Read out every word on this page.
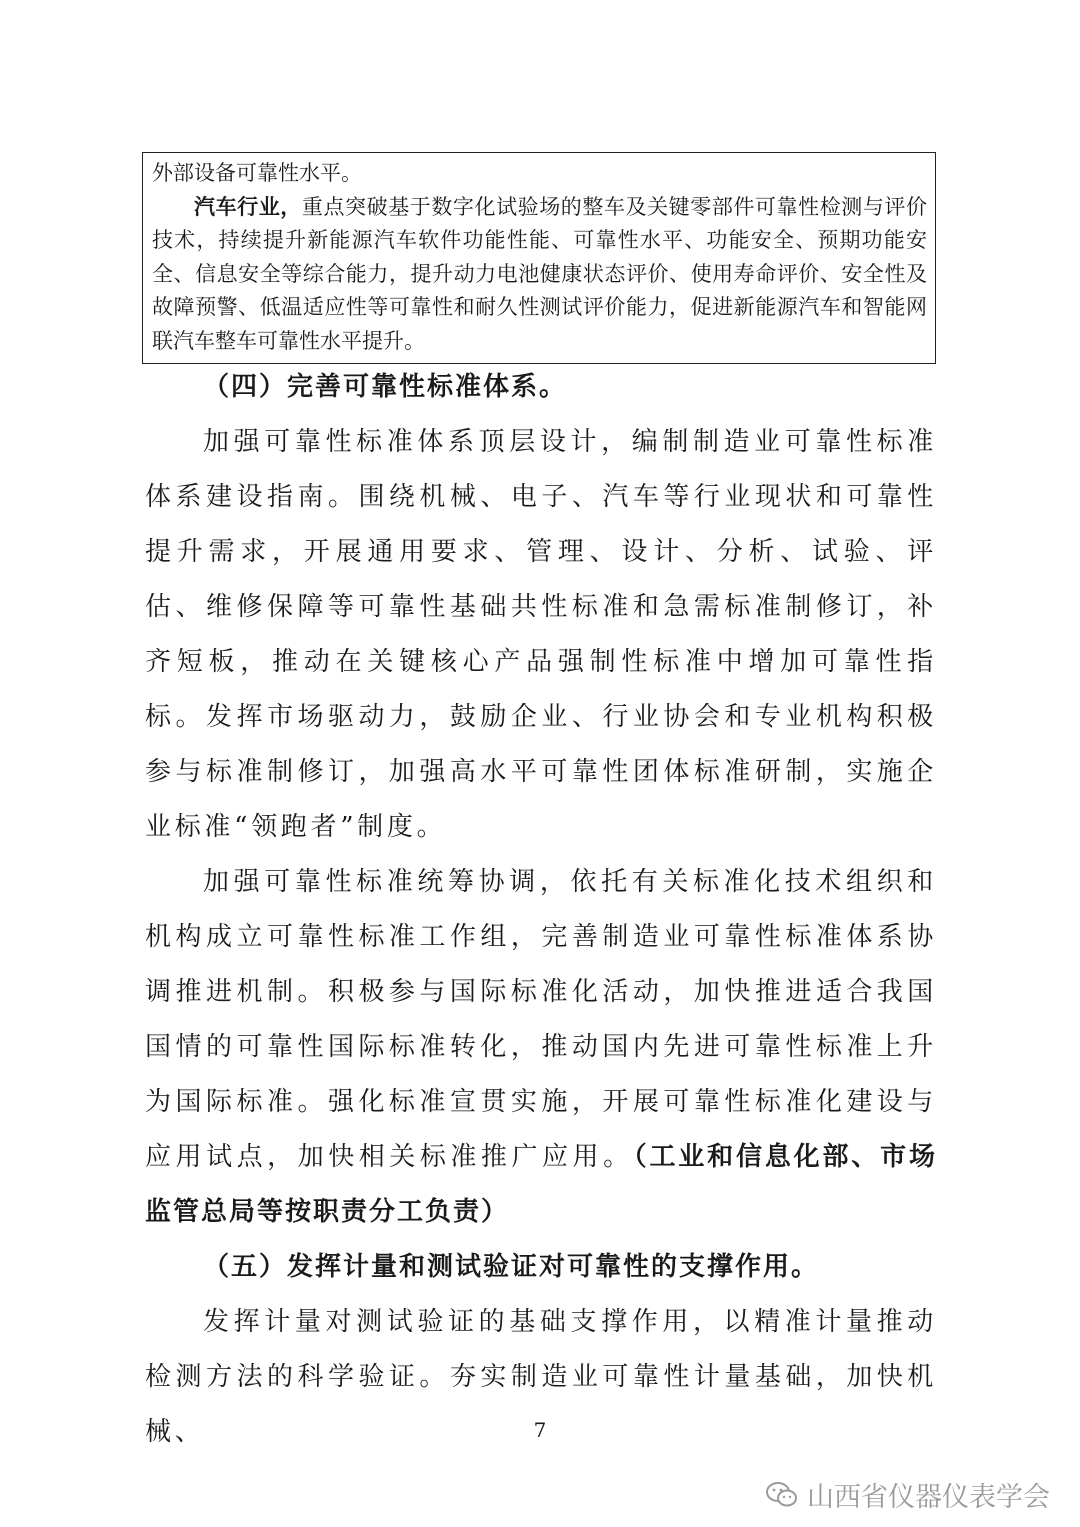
外部设备可靠性水平。

汽车行业，重点突破基于数字化试验场的整车及关键零部件可靠性检测与评价技术，持续提升新能源汽车软件功能性能、可靠性水平、功能安全、预期功能安全、信息安全等综合能力，提升动力电池健康状态评价、使用寿命评价、安全性及故障预警、低温适应性等可靠性和耐久性测试评价能力，促进新能源汽车和智能网联汽车整车可靠性水平提升。

（四）完善可靠性标准体系。

加强可靠性标准体系顶层设计，编制制造业可靠性标准体系建设指南。围绕机械、电子、汽车等行业现状和可靠性提升需求，开展通用要求、管理、设计、分析、试验、评估、维修保障等可靠性基础共性标准和急需标准制修订，补齐短板，推动在关键核心产品强制性标准中增加可靠性指标。发挥市场驱动力，鼓励企业、行业协会和专业机构积极参与标准制修订，加强高水平可靠性团体标准研制，实施企业标准“领跑者”制度。

加强可靠性标准统筹协调，依托有关标准化技术组织和机构成立可靠性标准工作组，完善制造业可靠性标准体系协调推进机制。积极参与国际标准化活动，加快推进适合我国国情的可靠性国际标准转化，推动国内先进可靠性标准上升为国际标准。强化标准宣贯实施，开展可靠性标准化建设与应用试点，加快相关标准推广应用。（工业和信息化部、市场监管总局等按职责分工负责）

（五）发挥计量和测试验证对可靠性的支撑作用。

发挥计量对测试验证的基础支撑作用，以精准计量推动检测方法的科学验证。夯实制造业可靠性计量基础，加快机械、	7
山西省仪器仪表学会
